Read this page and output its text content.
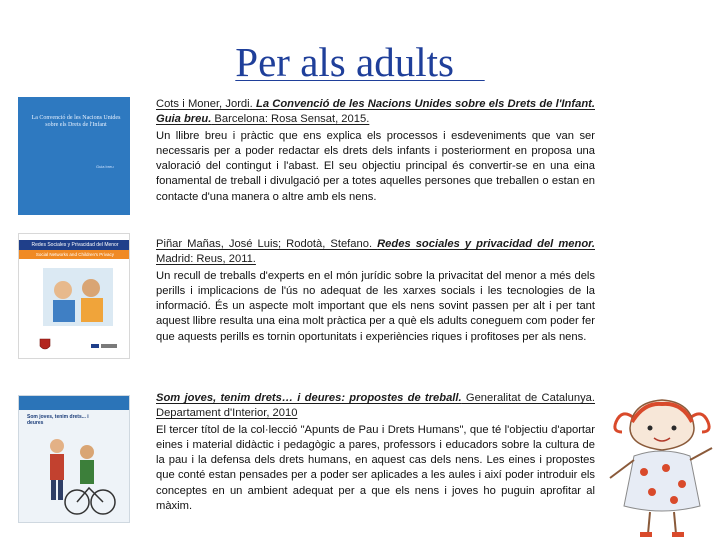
Per als adults
La Convenció de les Nacions Unides sobre els Drets de l'Infant
Guia breu
Cots i Moner, Jordi. La Convenció de les Nacions Unides sobre els Drets de l'Infant. Guia breu. Barcelona: Rosa Sensat, 2015.
Un llibre breu i pràctic que ens explica els processos i esdeveniments que van ser necessaris per a poder redactar els drets dels infants i posteriorment en proposa una valoració del contingut i l'abast. El seu objectiu principal és convertir-se en una eina fonamental de treball i divulgació per a totes aquelles persones que treballen o estan en contacte d'una manera o altre amb els nens.
Redes Sociales y Privacidad del Menor
Social Networks and Children's Privacy
Piñar Mañas, José Luis; Rodotà, Stefano. Redes sociales y privacidad del menor. Madrid: Reus, 2011.
Un recull de treballs d'experts en el món jurídic sobre la privacitat del menor a més dels perills i implicacions de l'ús no adequat de les xarxes socials i les tecnologies de la informació. És un aspecte molt important que els nens sovint passen per alt i per tant aquest llibre resulta una eina molt pràctica per a què els adults coneguem com poder fer que aquests perills es tornin oportunitats i experiències riques i profitoses per als nens.
Som joves, tenim drets... i deures
Som joves, tenim drets… i deures: propostes de treball. Generalitat de Catalunya. Departament d'Interior, 2010
El tercer títol de la col·lecció "Apunts de Pau i Drets Humans", que té l'objectiu d'aportar eines i material didàctic i pedagògic a pares, professors i educadors sobre la cultura de la pau i la defensa dels drets humans, en aquest cas dels nens. Les eines i propostes que conté estan pensades per a poder ser aplicades a les aules i així poder introduir els conceptes en un ambient adequat per a que els nens i joves ho puguin aprofitar al màxim.
